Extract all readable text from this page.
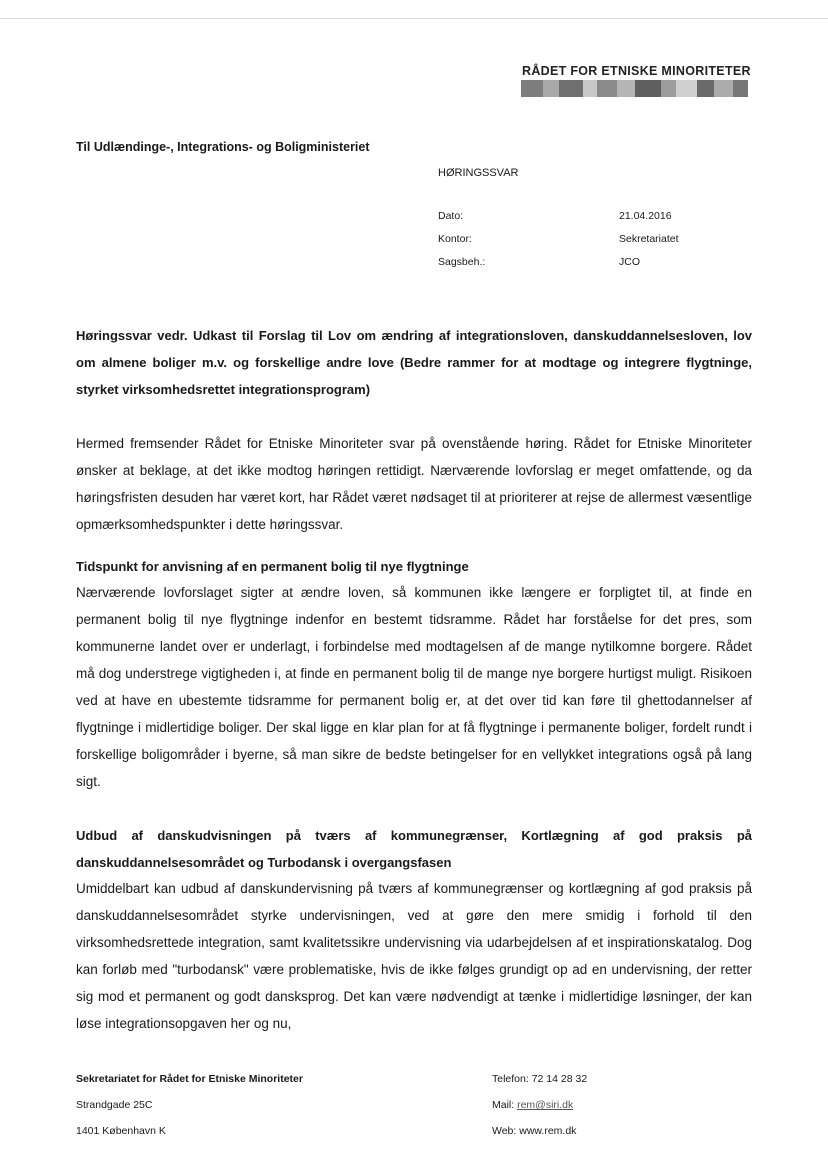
RÅDET FOR ETNISKE MINORITETER
Til Udlændinge-, Integrations- og Boligministeriet
HØRINGSSVAR
Dato:	21.04.2016
Kontor:	Sekretariatet
Sagsbeh.:	JCO
Høringssvar vedr. Udkast til Forslag til Lov om ændring af integrationsloven, danskuddannelsesloven, lov om almene boliger m.v. og forskellige andre love (Bedre rammer for at modtage og integrere flygtninge, styrket virksomhedsrettet integrationsprogram)
Hermed fremsender Rådet for Etniske Minoriteter svar på ovenstående høring. Rådet for Etniske Minoriteter ønsker at beklage, at det ikke modtog høringen rettidigt. Nærværende lovforslag er meget omfattende, og da høringsfristen desuden har været kort, har Rådet været nødsaget til at prioriterer at rejse de allermest væsentlige opmærksomhedspunkter i dette høringssvar.
Tidspunkt for anvisning af en permanent bolig til nye flygtninge
Nærværende lovforslaget sigter at ændre loven, så kommunen ikke længere er forpligtet til, at finde en permanent bolig til nye flygtninge indenfor en bestemt tidsramme. Rådet har forståelse for det pres, som kommunerne landet over er underlagt, i forbindelse med modtagelsen af de mange nytilkomne borgere. Rådet må dog understrege vigtigheden i, at finde en permanent bolig til de mange nye borgere hurtigst muligt. Risikoen ved at have en ubestemte tidsramme for permanent bolig er, at det over tid kan føre til ghettodannelser af flygtninge i midlertidige boliger. Der skal ligge en klar plan for at få flygtninge i permanente boliger, fordelt rundt i forskellige boligområder i byerne, så man sikre de bedste betingelser for en vellykket integrations også på lang sigt.
Udbud af danskudvisningen på tværs af kommunegrænser, Kortlægning af god praksis på danskuddannelsesområdet og Turbodansk i overgangsfasen
Umiddelbart kan udbud af danskundervisning på tværs af kommunegrænser og kortlægning af god praksis på danskuddannelsesområdet styrke undervisningen, ved at gøre den mere smidig i forhold til den virksomhedsrettede integration, samt kvalitetssikre undervisning via udarbejdelsen af et inspirationskatalog. Dog kan forløb med "turbodansk" være problematiske, hvis de ikke følges grundigt op ad en undervisning, der retter sig mod et permanent og godt dansksprog. Det kan være nødvendigt at tænke i midlertidige løsninger, der kan løse integrationsopgaven her og nu,
Sekretariatet for Rådet for Etniske Minoriteter
Strandgade 25C
1401 København K
Telefon: 72 14 28 32
Mail: rem@siri.dk
Web: www.rem.dk
